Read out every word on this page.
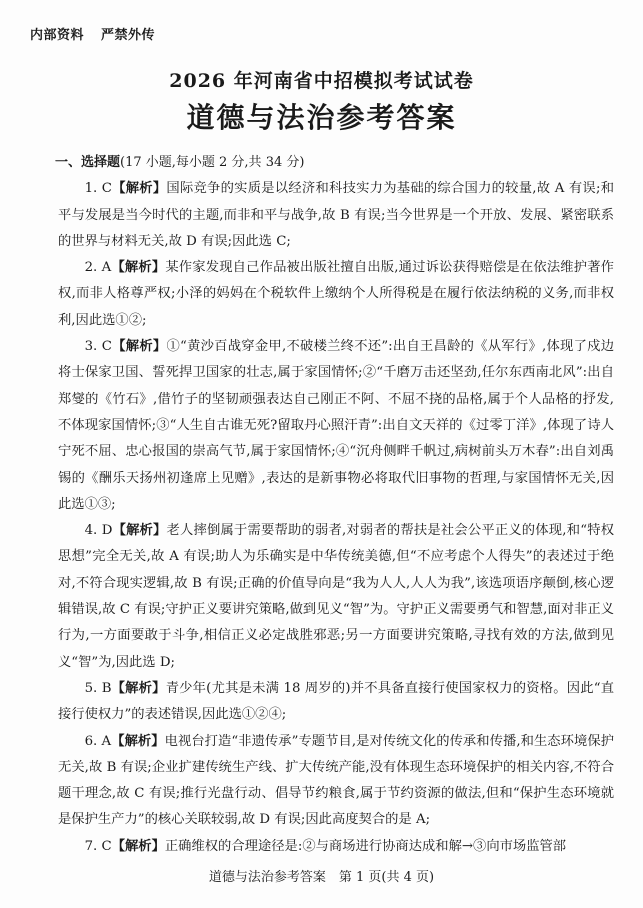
内部资料 严禁外传
2026 年河南省中招模拟考试试卷
道德与法治参考答案
一、选择题(17 小题,每小题 2 分,共 34 分)

1. C【解析】国际竞争的实质是以经济和科技实力为基础的综合国力的较量,故 A 有误;和平与发展是当今时代的主题,而非和平与战争,故 B 有误;当今世界是一个开放、发展、紧密联系的世界与材料无关,故 D 有误;因此选 C;

2. A【解析】某作家发现自己作品被出版社擅自出版,通过诉讼获得赔偿是在依法维护著作权,而非人格尊严权;小泽的妈妈在个税软件上缴纳个人所得税是在履行依法纳税的义务,而非权利,因此选①②;

3. C【解析】①“黄沙百战穿金甲,不破楼兰终不还”:出自王昌龄的《从军行》,体现了戍边将士保家卫国、誓死捍卫国家的壮志,属于家国情怀;②“千磨万击还坚劲,任尔东西南北风”:出自郑燮的《竹石》,借竹子的坚韧顽强表达自己刚正不阿、不屈不挠的品格,属于个人品格的抒发,不体现家国情怀;③“人生自古谁无死?留取丹心照汗青”:出自文天祥的《过零丁洋》,体现了诗人宁死不屈、忠心报国的崇高气节,属于家国情怀;④“沉舟侧畔千帆过,病树前头万木春”:出自刘禹锡的《酬乐天扬州初逢席上见赠》,表达的是新事物必将取代旧事物的哲理,与家国情怀无关,因此选①③;

4. D【解析】老人摔倒属于需要帮助的弱者,对弱者的帮扶是社会公平正义的体现,和“特权思想”完全无关,故 A 有误;助人为乐确实是中华传统美德,但“不应考虑个人得失”的表述过于绝对,不符合现实逻辑,故 B 有误;正确的价值导向是“我为人人,人人为我”,该选项语序颠倒,核心逻辑错误,故 C 有误;守护正义要讲究策略,做到见义“智”为。守护正义需要勇气和智慧,面对非正义行为,一方面要敢于斗争,相信正义必定战胜邪恶;另一方面要讲究策略,寻找有效的方法,做到见义“智”为,因此选 D;

5. B【解析】青少年(尤其是未满 18 周岁的)并不具备直接行使国家权力的资格。因此“直接行使权力”的表述错误,因此选①②④;

6. A【解析】电视台打造“非遗传承”专题节目,是对传统文化的传承和传播,和生态环境保护无关,故 B 有误;企业扩建传统生产线、扩大传统产能,没有体现生态环境保护的相关内容,不符合题干理念,故 C 有误;推行光盘行动、倡导节约粮食,属于节约资源的做法,但和“保护生态环境就是保护生产力”的核心关联较弱,故 D 有误;因此高度契合的是 A;

7. C【解析】正确维权的合理途径是:②与商场进行协商达成和解→③向市场监管部

道德与法治参考答案　第 1 页(共 4 页)
